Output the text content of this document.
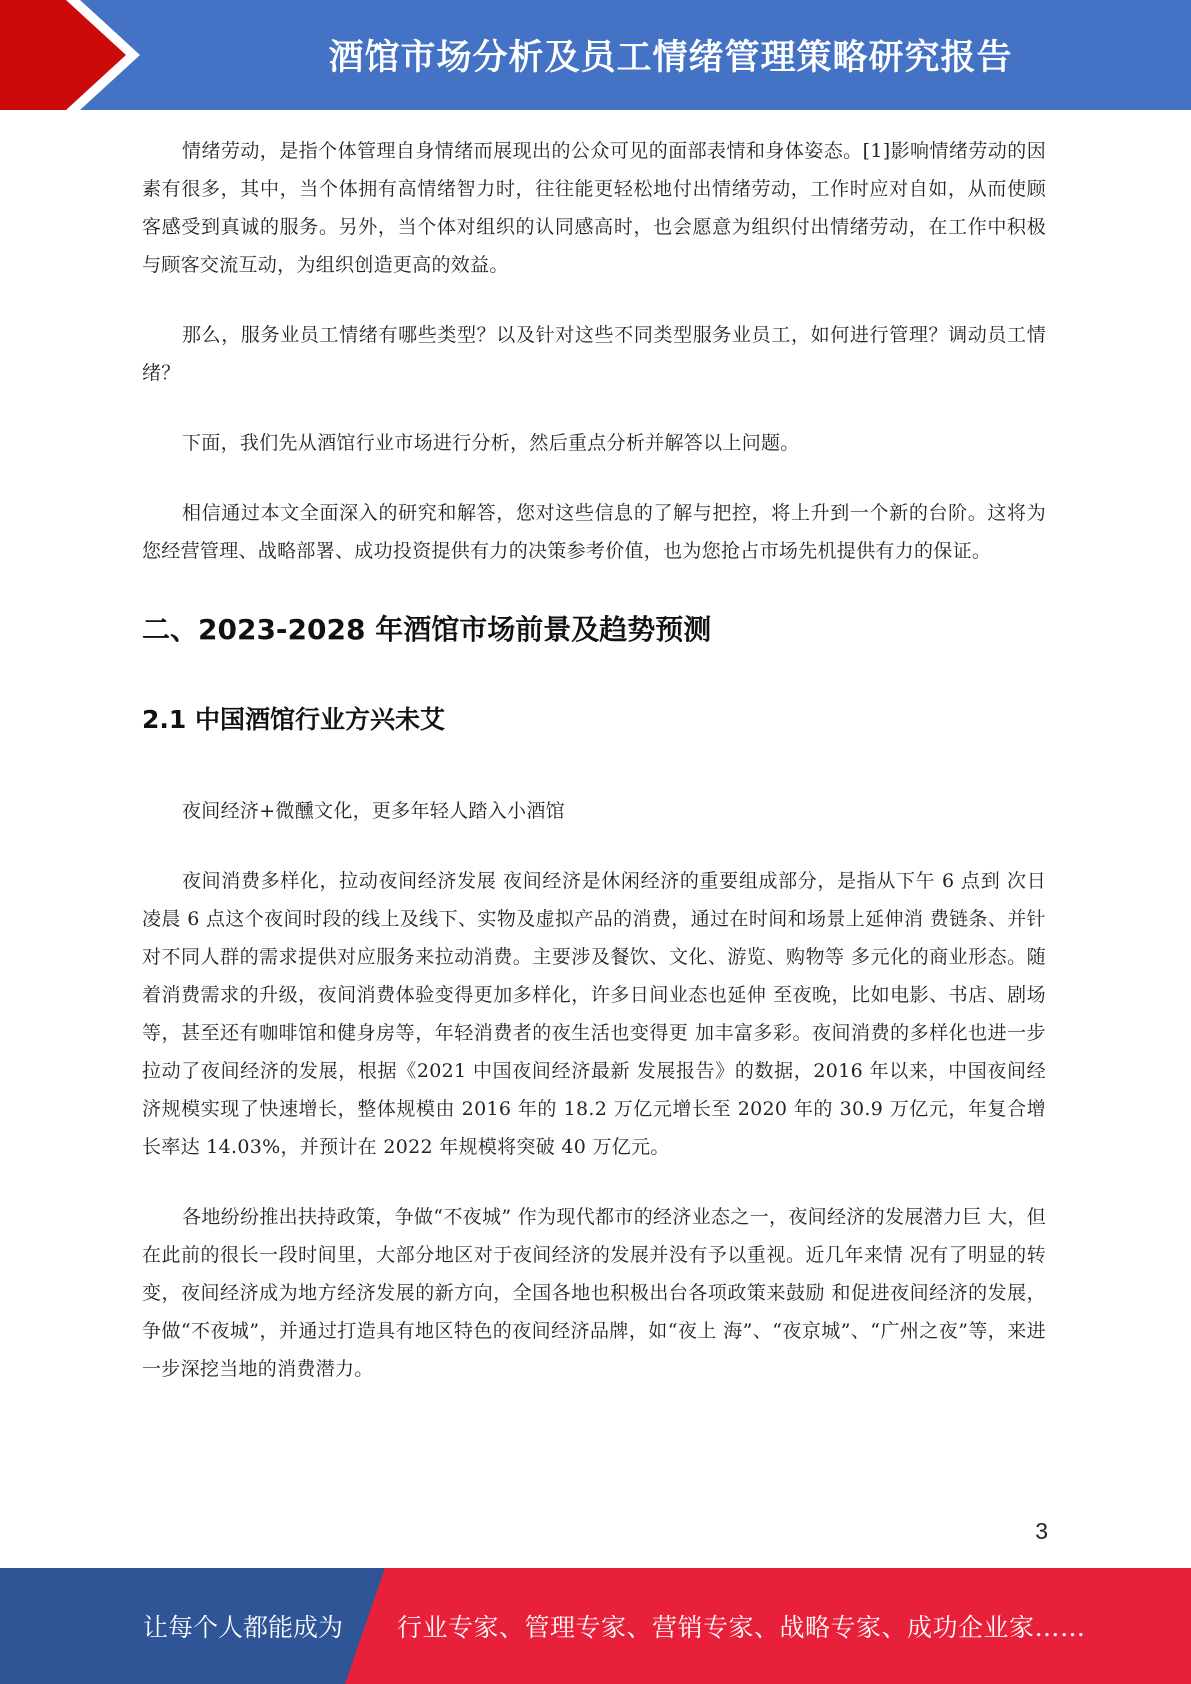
酒馆市场分析及员工情绪管理策略研究报告

情绪劳动，是指个体管理自身情绪而展现出的公众可见的面部表情和身体姿态。[1]影响情绪劳动的因素有很多，其中，当个体拥有高情绪智力时，往往能更轻松地付出情绪劳动，工作时应对自如，从而使顾客感受到真诚的服务。另外，当个体对组织的认同感高时，也会愿意为组织付出情绪劳动，在工作中积极与顾客交流互动，为组织创造更高的效益。

那么，服务业员工情绪有哪些类型？以及针对这些不同类型服务业员工，如何进行管理？调动员工情绪？

下面，我们先从酒馆行业市场进行分析，然后重点分析并解答以上问题。

相信通过本文全面深入的研究和解答，您对这些信息的了解与把控，将上升到一个新的台阶。这将为您经营管理、战略部署、成功投资提供有力的决策参考价值，也为您抢占市场先机提供有力的保证。

二、2023-2028 年酒馆市场前景及趋势预测
2.1 中国酒馆行业方兴未艾

夜间经济+微醺文化，更多年轻人踏入小酒馆

夜间消费多样化，拉动夜间经济发展 夜间经济是休闲经济的重要组成部分，是指从下午 6 点到 次日凌晨 6 点这个夜间时段的线上及线下、实物及虚拟产品的消费，通过在时间和场景上延伸消 费链条、并针对不同人群的需求提供对应服务来拉动消费。主要涉及餐饮、文化、游览、购物等 多元化的商业形态。随着消费需求的升级，夜间消费体验变得更加多样化，许多日间业态也延伸 至夜晚，比如电影、书店、剧场等，甚至还有咖啡馆和健身房等，年轻消费者的夜生活也变得更 加丰富多彩。夜间消费的多样化也进一步拉动了夜间经济的发展，根据《2021 中国夜间经济最新 发展报告》的数据，2016 年以来，中国夜间经济规模实现了快速增长，整体规模由 2016 年的 18.2 万亿元增长至 2020 年的 30.9 万亿元，年复合增长率达 14.03%，并预计在 2022 年规模将突破 40 万亿元。

各地纷纷推出扶持政策，争做“不夜城” 作为现代都市的经济业态之一，夜间经济的发展潜力巨 大，但在此前的很长一段时间里，大部分地区对于夜间经济的发展并没有予以重视。近几年来情 况有了明显的转变，夜间经济成为地方经济发展的新方向，全国各地也积极出台各项政策来鼓励 和促进夜间经济的发展，争做“不夜城”，并通过打造具有地区特色的夜间经济品牌，如“夜上 海”、“夜京城”、“广州之夜”等，来进一步深挖当地的消费潜力。

3
让每个人都能成为 行业专家、管理专家、营销专家、战略专家、成功企业家……
